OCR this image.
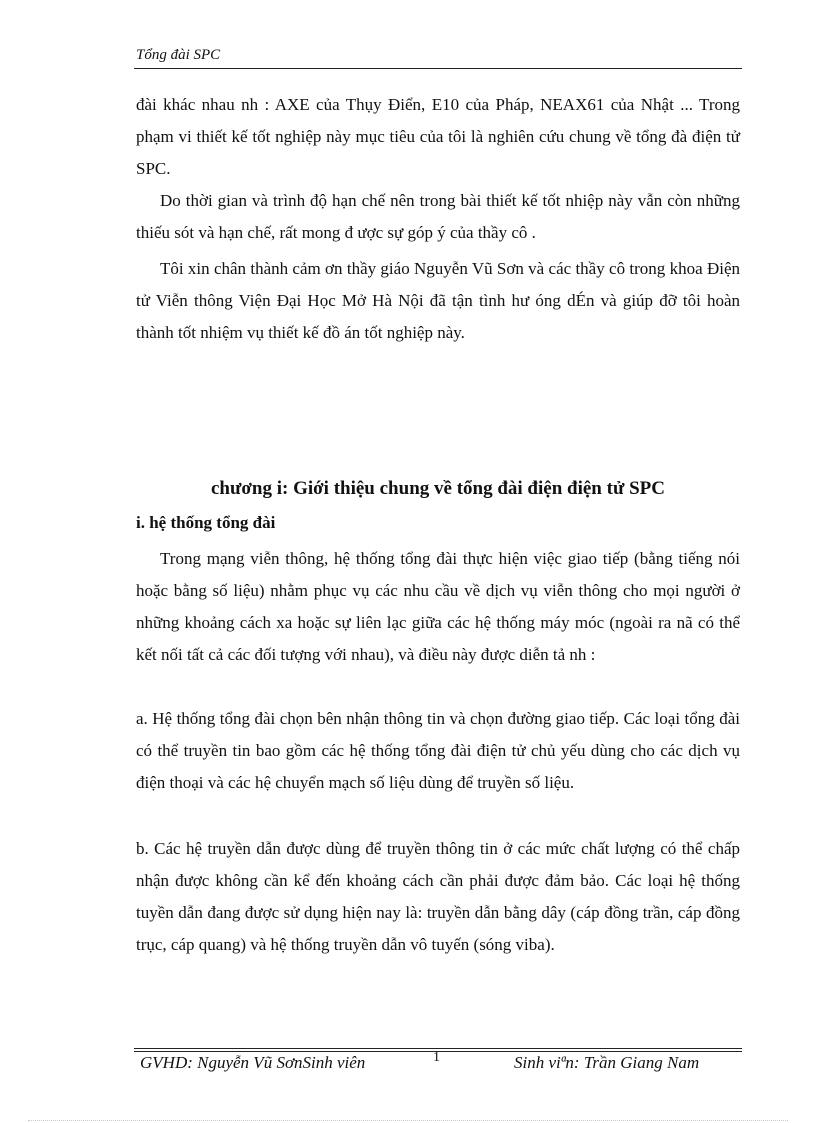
Tổng đài SPC

đài khác nhau nh : AXE của Thụy Điển, E10 của Pháp, NEAX61 của Nhật ... Trong phạm vi thiết kế tốt nghiệp này mục tiêu của tôi là nghiên cứu chung về tổng đà điện tử SPC.

Do thời gian và trình độ hạn chế nên trong bài thiết kế tốt nhiệp này vẫn còn những thiếu sót và hạn chế, rất mong đ ược sự góp ý của thầy cô .

Tôi xin chân thành cảm ơn thầy giáo Nguyễn Vũ Sơn và các thầy cô trong khoa Điện tử Viễn thông Viện Đại Học Mở Hà Nội đã tận tình hư óng dÉn và giúp đỡ tôi hoàn thành tốt nhiệm vụ thiết kế đồ án tốt nghiệp này.

chương i: Giới thiệu chung về tổng đài điện điện tử SPC
i. hệ thống tổng đài

Trong mạng viễn thông, hệ thống tổng đài thực hiện việc giao tiếp (bằng tiếng nói hoặc bằng số liệu) nhằm phục vụ các nhu cầu về dịch vụ viễn thông cho mọi người ở những khoảng cách xa hoặc sự liên lạc giữa các hệ thống máy móc (ngoài ra nã có thể kết nối tất cả các đối tượng với nhau), và điều này được diễn tả nh :

a. Hệ thống tổng đài chọn bên nhận thông tin và chọn đường giao tiếp. Các loại tổng đài có thể truyền tin bao gồm các hệ thống tổng đài điện tử chủ yếu dùng cho các dịch vụ điện thoại và các hệ chuyển mạch số liệu dùng để truyền số liệu.

b. Các hệ truyền dẫn được dùng để truyền thông tin ở các mức chất lượng có thể chấp nhận được không cần kể đến khoảng cách cần phải được đảm bảo. Các loại hệ thống tuyền dẫn đang được sử dụng hiện nay là: truyền dẫn bằng dây (cáp đồng trần, cáp đồng trục, cáp quang) và hệ thống truyền dẫn vô tuyến (sóng viba).

GVHD: Nguyễn Vũ SơnSinh viên	1	Sinh viªn: Trần Giang Nam
